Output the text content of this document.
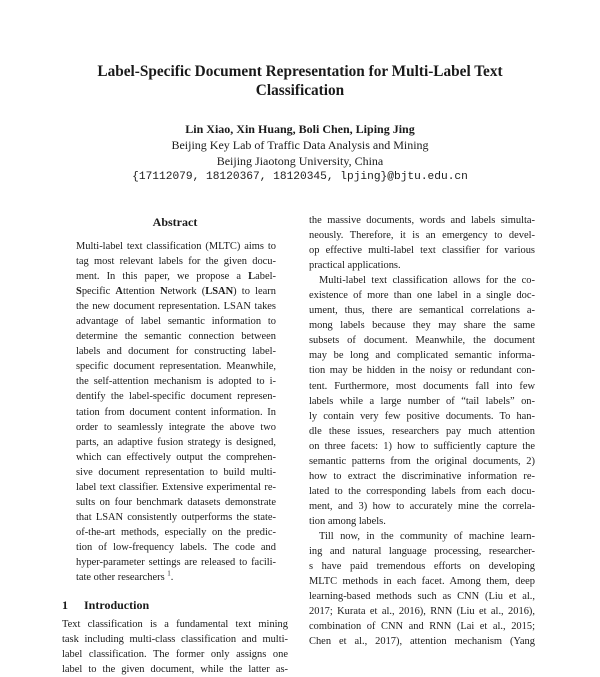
Label-Specific Document Representation for Multi-Label Text
Classification
Lin Xiao, Xin Huang, Boli Chen, Liping Jing
Beijing Key Lab of Traffic Data Analysis and Mining
Beijing Jiaotong University, China
{17112079, 18120367, 18120345, lpjing}@bjtu.edu.cn
Abstract
Multi-label text classification (MLTC) aims to
tag most relevant labels for the given docu-
ment. In this paper, we propose a Label-
Specific Attention Network (LSAN) to learn
the new document representation. LSAN takes
advantage of label semantic information to
determine the semantic connection between
labels and document for constructing label-
specific document representation. Meanwhile,
the self-attention mechanism is adopted to i-
dentify the label-specific document represen-
tation from document content information. In
order to seamlessly integrate the above two
parts, an adaptive fusion strategy is designed,
which can effectively output the comprehen-
sive document representation to build multi-
label text classifier. Extensive experimental re-
sults on four benchmark datasets demonstrate
that LSAN consistently outperforms the state-
of-the-art methods, especially on the predic-
tion of low-frequency labels. The code and
hyper-parameter settings are released to facili-
tate other researchers $^1$.
1 Introduction
Text classification is a fundamental text mining
task including multi-class classification and multi-
label classification. The former only assigns one
label to the given document, while the latter as-
the massive documents, words and labels simulta-
neously. Therefore, it is an emergency to devel-
op effective multi-label text classifier for various
practical applications.
Multi-label text classification allows for the co-
existence of more than one label in a single doc-
ument, thus, there are semantical correlations a-
mong labels because they may share the same
subsets of document. Meanwhile, the document
may be long and complicated semantic informa-
tion may be hidden in the noisy or redundant con-
tent. Furthermore, most documents fall into few
labels while a large number of “tail labels” on-
ly contain very few positive documents. To han-
dle these issues, researchers pay much attention
on three facets: 1) how to sufficiently capture the
semantic patterns from the original documents, 2)
how to extract the discriminative information re-
lated to the corresponding labels from each docu-
ment, and 3) how to accurately mine the correla-
tion among labels.
Till now, in the community of machine learn-
ing and natural language processing, researcher-
s have paid tremendous efforts on developing
MLTC methods in each facet. Among them, deep
learning-based methods such as CNN (Liu et al.,
2017; Kurata et al., 2016), RNN (Liu et al., 2016),
combination of CNN and RNN (Lai et al., 2015;
Chen et al., 2017), attention mechanism (Yang
